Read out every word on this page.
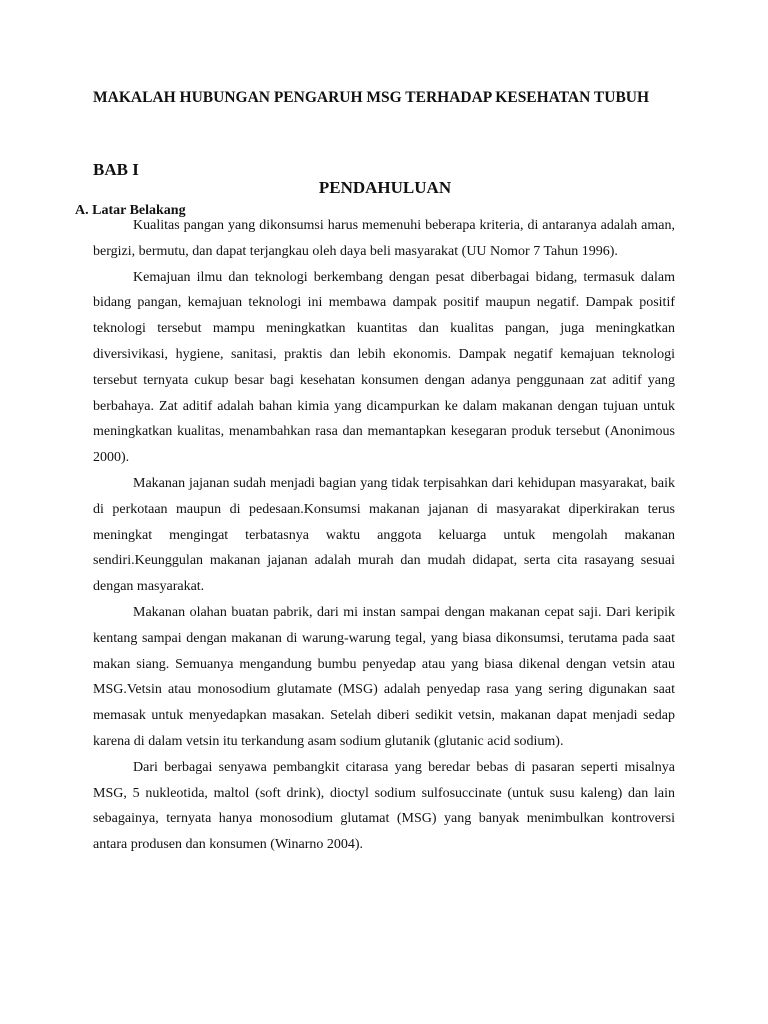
MAKALAH HUBUNGAN PENGARUH MSG TERHADAP KESEHATAN TUBUH
BAB I
PENDAHULUAN
A. Latar Belakang

Kualitas pangan yang dikonsumsi harus memenuhi beberapa kriteria, di antaranya adalah aman, bergizi, bermutu, dan dapat terjangkau oleh daya beli masyarakat (UU Nomor 7 Tahun 1996).

Kemajuan ilmu dan teknologi berkembang dengan pesat diberbagai bidang, termasuk dalam bidang pangan, kemajuan teknologi ini membawa dampak positif maupun negatif. Dampak positif teknologi tersebut mampu meningkatkan kuantitas dan kualitas pangan, juga meningkatkan diversivikasi, hygiene, sanitasi, praktis dan lebih ekonomis. Dampak negatif kemajuan teknologi tersebut ternyata cukup besar bagi kesehatan konsumen dengan adanya penggunaan zat aditif yang berbahaya. Zat aditif adalah bahan kimia yang dicampurkan ke dalam makanan dengan tujuan untuk meningkatkan kualitas, menambahkan rasa dan memantapkan kesegaran produk tersebut (Anonimous 2000).

Makanan jajanan sudah menjadi bagian yang tidak terpisahkan dari kehidupan masyarakat, baik di perkotaan maupun di pedesaan.Konsumsi makanan jajanan di masyarakat diperkirakan terus meningkat mengingat terbatasnya waktu anggota keluarga untuk mengolah makanan sendiri.Keunggulan makanan jajanan adalah murah dan mudah didapat, serta cita rasayang sesuai dengan masyarakat.

Makanan olahan buatan pabrik, dari mi instan sampai dengan makanan cepat saji. Dari keripik kentang sampai dengan makanan di warung-warung tegal, yang biasa dikonsumsi, terutama pada saat makan siang. Semuanya mengandung bumbu penyedap atau yang biasa dikenal dengan vetsin atau MSG.Vetsin atau monosodium glutamate (MSG) adalah penyedap rasa yang sering digunakan saat memasak untuk menyedapkan masakan. Setelah diberi sedikit vetsin, makanan dapat menjadi sedap karena di dalam vetsin itu terkandung asam sodium glutanik (glutanic acid sodium).

Dari berbagai senyawa pembangkit citarasa yang beredar bebas di pasaran seperti misalnya MSG, 5 nukleotida, maltol (soft drink), dioctyl sodium sulfosuccinate (untuk susu kaleng) dan lain sebagainya, ternyata hanya monosodium glutamat (MSG) yang banyak menimbulkan kontroversi antara produsen dan konsumen (Winarno 2004).
